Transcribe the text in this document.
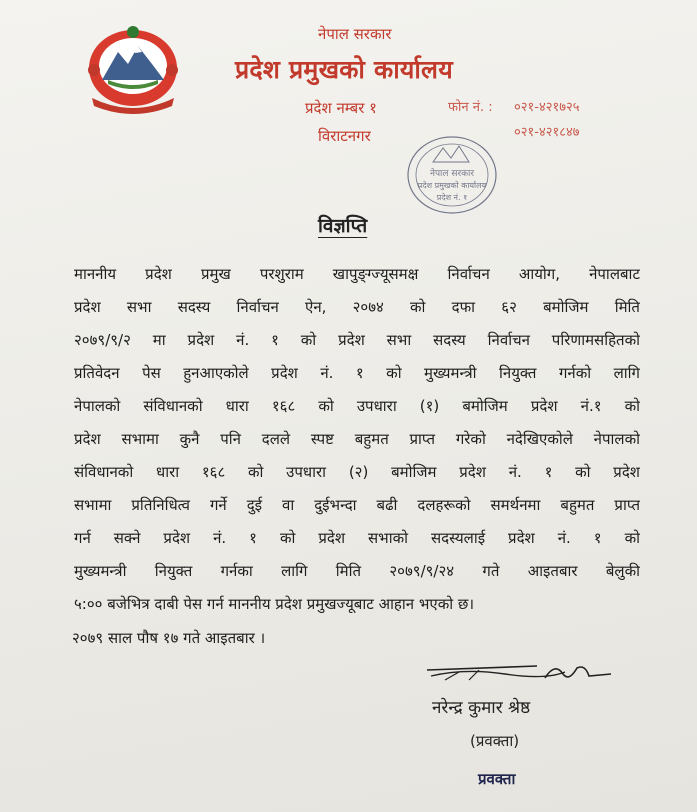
नेपाल सरकार
प्रदेश प्रमुखको कार्यालय
प्रदेश नम्बर १
विराटनगर
फोन नं. : ०२१-४२१७२५
०२१-४२१८४७
नेपाल सरकार
प्रदेश प्रमुखको कार्यालय
प्रदेश नं. १
विज्ञप्ति
माननीय प्रदेश प्रमुख परशुराम खापुङ्ग्ज्यूसमक्ष निर्वाचन आयोग, नेपालबाट
प्रदेश सभा सदस्य निर्वाचन ऐन, २०७४ को दफा ६२ बमोजिम मिति
२०७९/९/२ मा प्रदेश नं. १ को प्रदेश सभा सदस्य निर्वाचन परिणामसहितको
प्रतिवेदन पेस हुनआएकोले प्रदेश नं. १ को मुख्यमन्त्री नियुक्त गर्नको लागि
नेपालको संविधानको धारा १६८ को उपधारा (१) बमोजिम प्रदेश नं.१ को
प्रदेश सभामा कुनै पनि दलले स्पष्ट बहुमत प्राप्त गरेको नदेखिएकोले नेपालको
संविधानको धारा १६८ को उपधारा (२) बमोजिम प्रदेश नं. १ को प्रदेश
सभामा प्रतिनिधित्व गर्ने दुई वा दुईभन्दा बढी दलहरूको समर्थनमा बहुमत प्राप्त
गर्न सक्ने प्रदेश नं. १ को प्रदेश सभाको सदस्यलाई प्रदेश नं. १ को
मुख्यमन्त्री नियुक्त गर्नका लागि मिति २०७९/९/२४ गते आइतबार बेलुकी
५:०० बजेभित्र दाबी पेस गर्न माननीय प्रदेश प्रमुखज्यूबाट आहान भएको छ।
२०७९ साल पौष १७ गते आइतबार ।
नरेन्द्र कुमार श्रेष्ठ
(प्रवक्ता)
प्रवक्ता
